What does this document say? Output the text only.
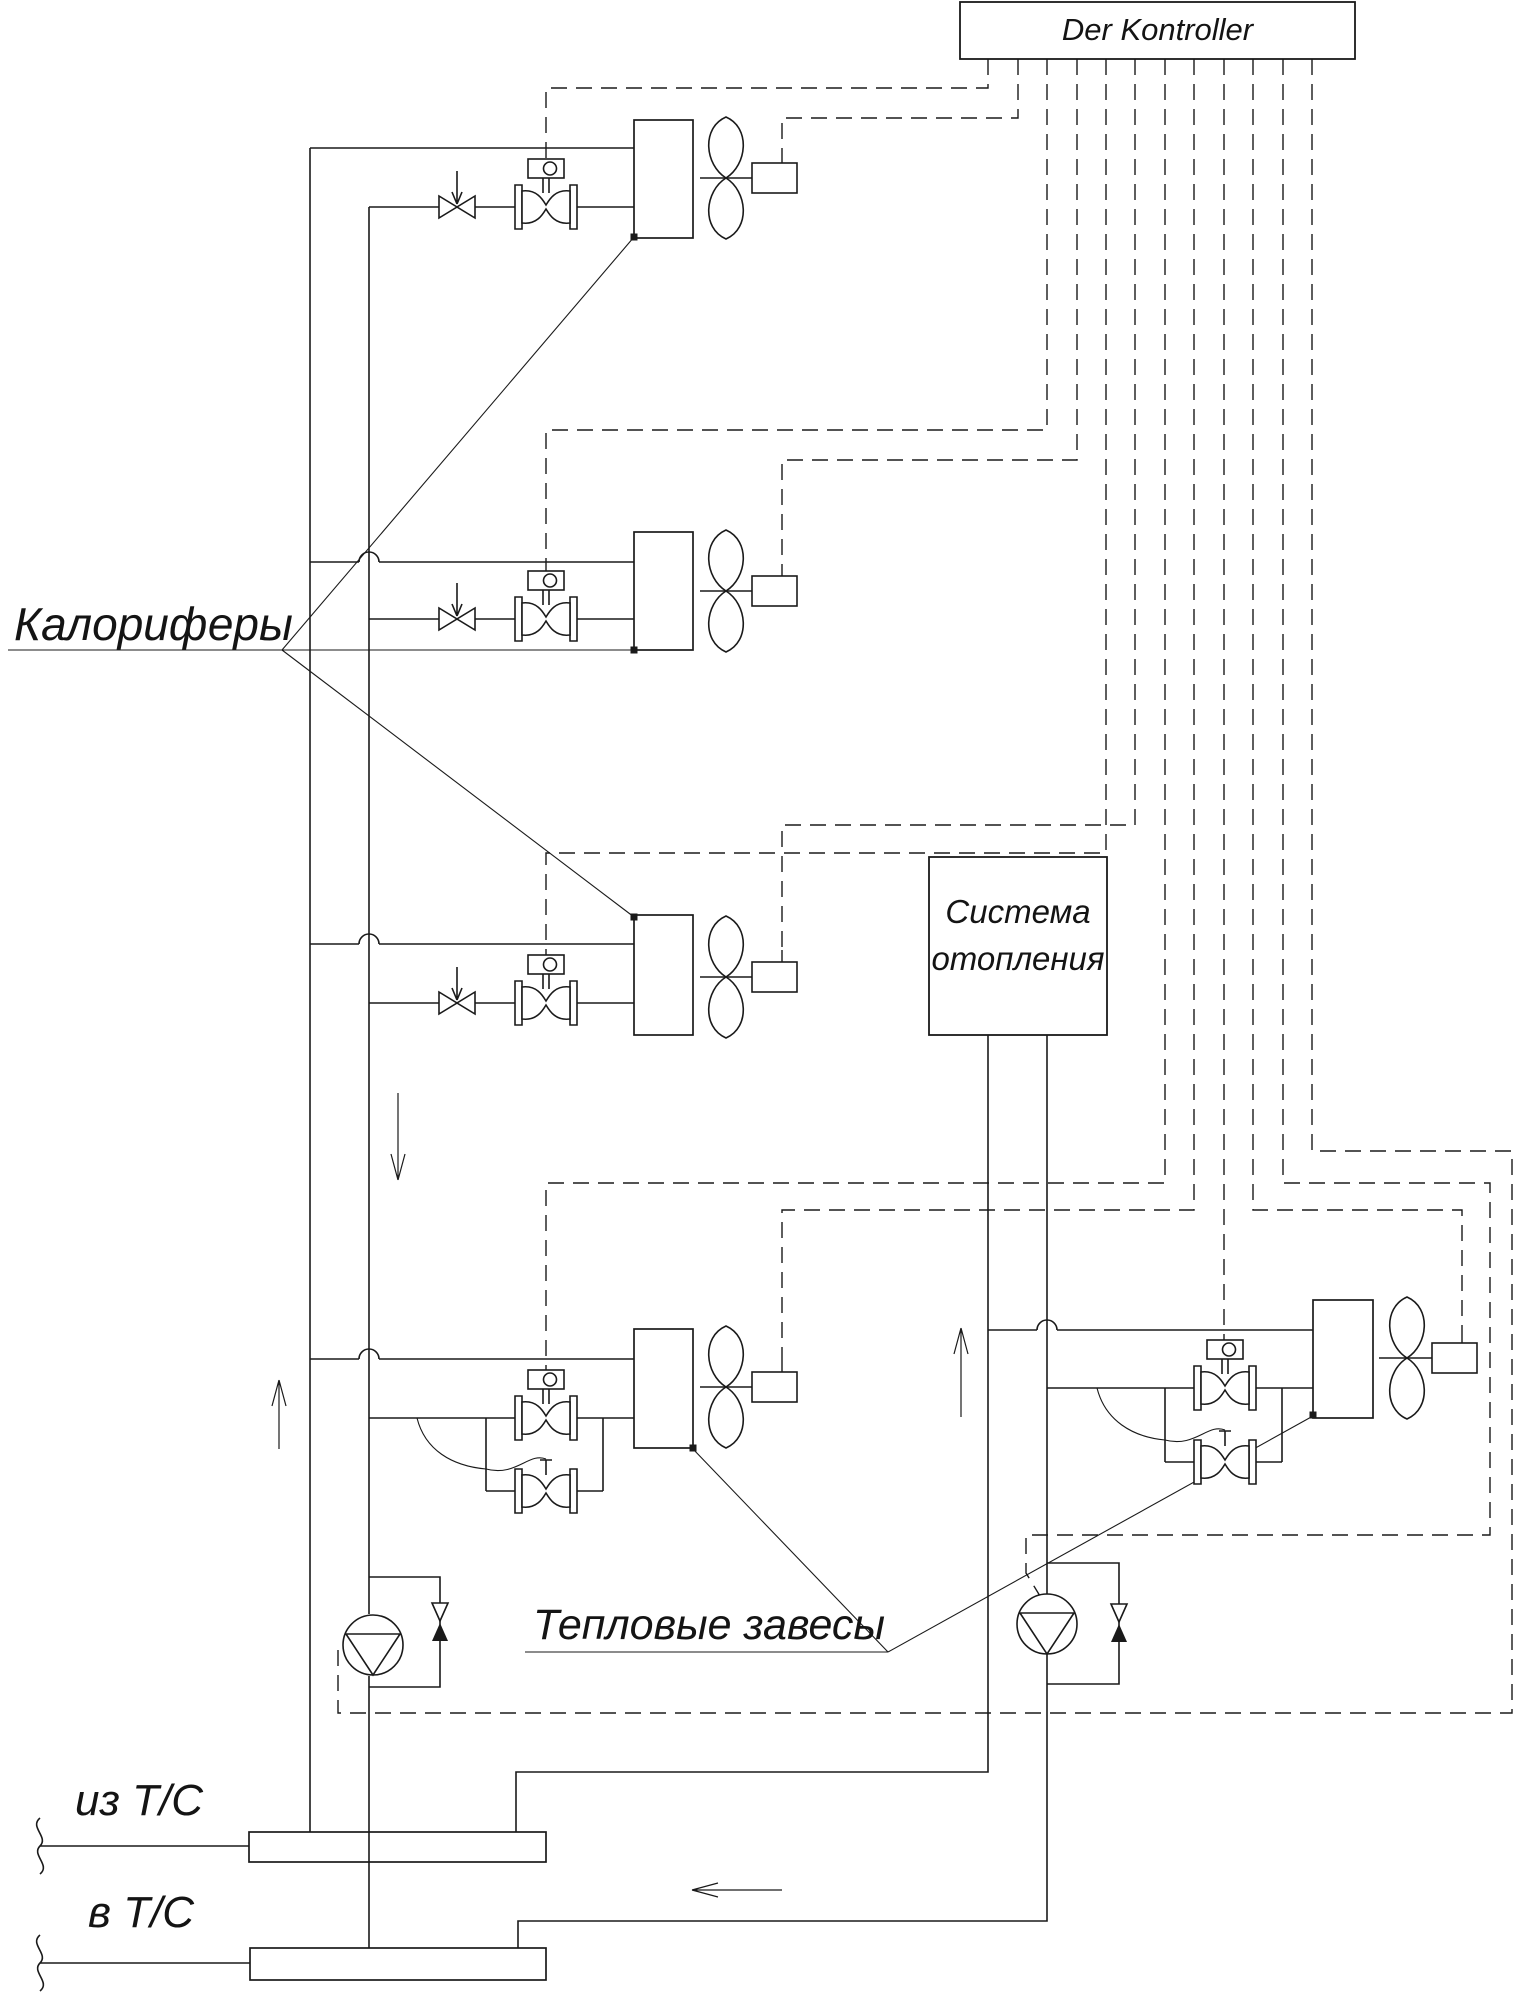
Der Kontroller
Калориферы
Система
отопления
Тепловые завесы
из Т/С
в Т/С
